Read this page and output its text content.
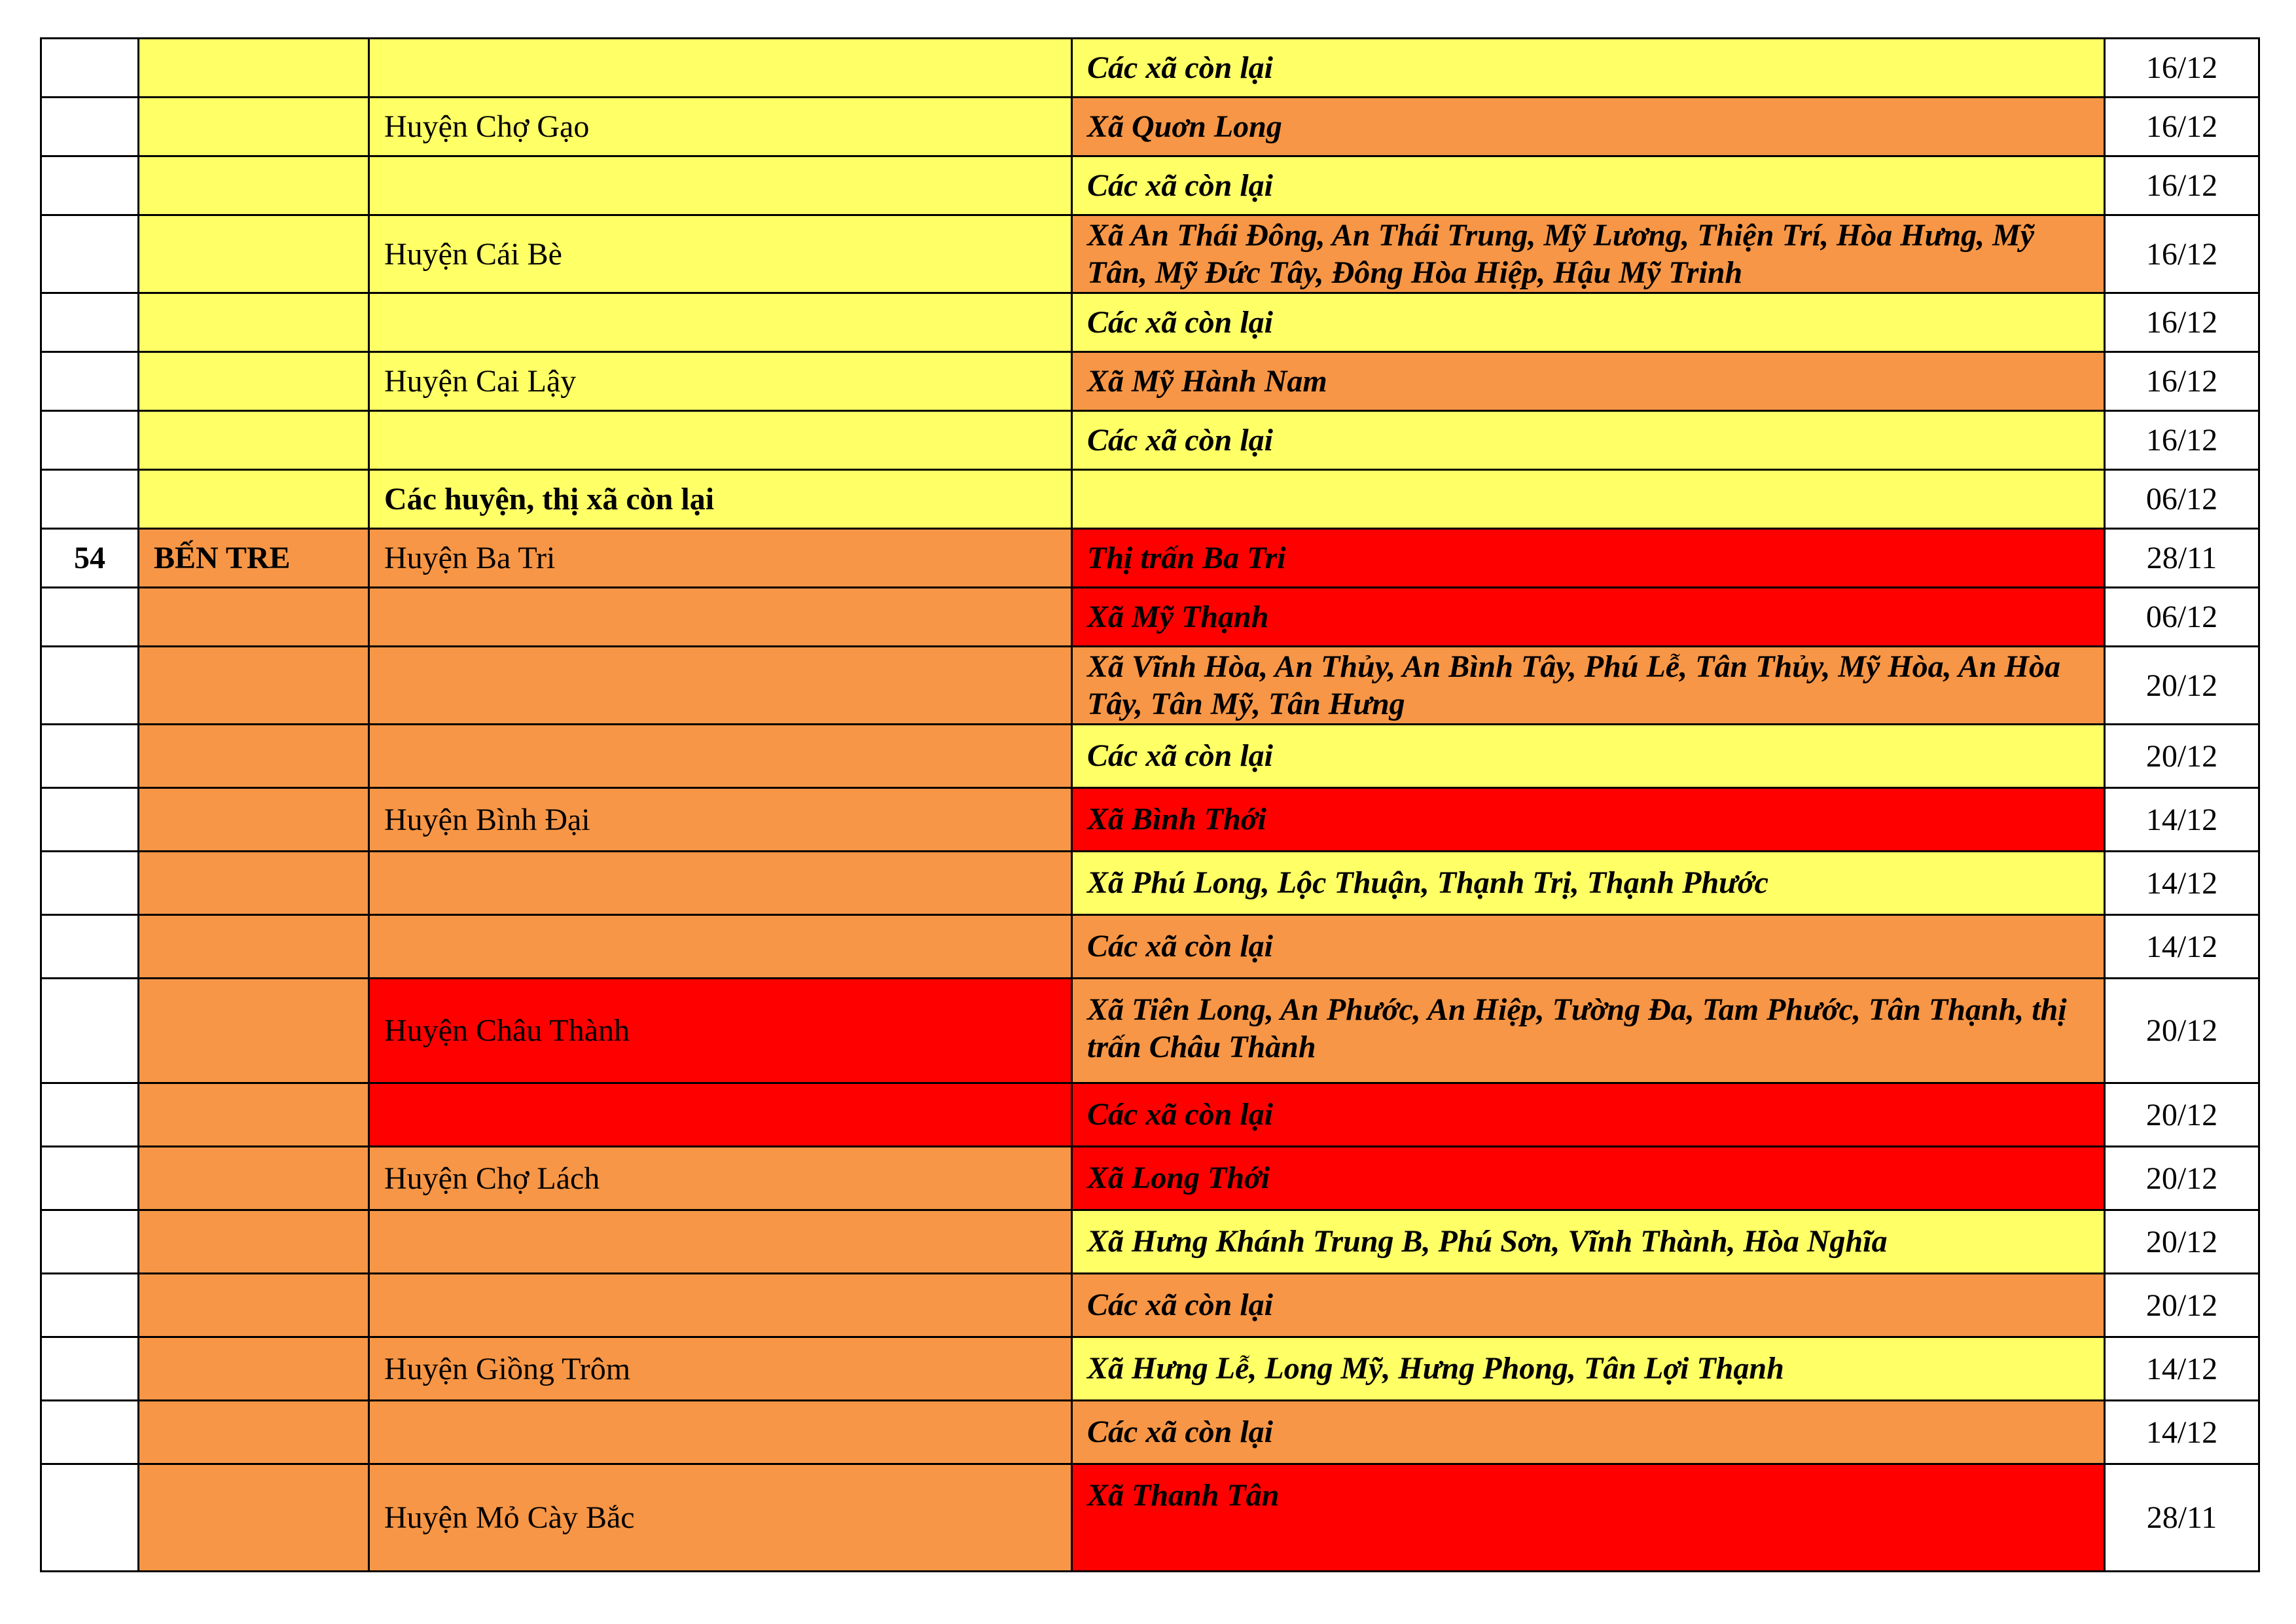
			Các xã còn lại	16/12
		Huyện Chợ Gạo	Xã Quơn Long	16/12
			Các xã còn lại	16/12
		Huyện Cái Bè	Xã An Thái Đông, An Thái Trung, Mỹ Lương, Thiện Trí, Hòa Hưng, Mỹ Tân, Mỹ Đức Tây, Đông Hòa Hiệp, Hậu Mỹ Trinh	16/12
			Các xã còn lại	16/12
		Huyện Cai Lậy	Xã Mỹ Hành Nam	16/12
			Các xã còn lại	16/12
		Các huyện, thị xã còn lại		06/12
54	BẾN TRE	Huyện Ba Tri	Thị trấn Ba Tri	28/11
			Xã Mỹ Thạnh	06/12
			Xã Vĩnh Hòa, An Thủy, An Bình Tây, Phú Lễ, Tân Thủy, Mỹ Hòa, An Hòa Tây, Tân Mỹ, Tân Hưng	20/12
			Các xã còn lại	20/12
		Huyện Bình Đại	Xã Bình Thới	14/12
			Xã Phú Long, Lộc Thuận, Thạnh Trị, Thạnh Phước	14/12
			Các xã còn lại	14/12
		Huyện Châu Thành	Xã Tiên Long, An Phước, An Hiệp, Tường Đa, Tam Phước, Tân Thạnh, thị trấn Châu Thành	20/12
			Các xã còn lại	20/12
		Huyện Chợ Lách	Xã Long Thới	20/12
			Xã Hưng Khánh Trung B, Phú Sơn, Vĩnh Thành, Hòa Nghĩa	20/12
			Các xã còn lại	20/12
		Huyện Giồng Trôm	Xã Hưng Lễ, Long Mỹ, Hưng Phong, Tân Lợi Thạnh	14/12
			Các xã còn lại	14/12
		Huyện Mỏ Cày Bắc	Xã Thanh Tân	28/11
